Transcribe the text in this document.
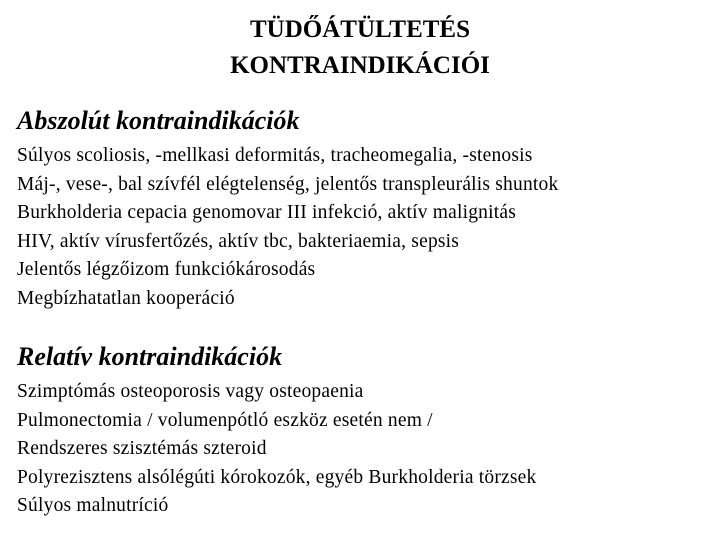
TÜDŐÁTÜLTETÉS
KONTRAINDIKÁCIÓI
Abszolút kontraindikációk
Súlyos scoliosis, -mellkasi deformitás, tracheomegalia, -stenosis
Máj-, vese-, bal szívfél elégtelenség, jelentős transpleurális shuntok
Burkholderia cepacia genomovar III infekció, aktív malignitás
HIV, aktív vírusfertőzés, aktív tbc, bakteriaemia, sepsis
Jelentős légzőizom funkciókárosodás
Megbízhatatlan kooperáció
Relatív kontraindikációk
Szimptómás osteoporosis vagy osteopaenia
Pulmonectomia / volumenpótló eszköz esetén nem /
Rendszeres szisztémás szteroid
Polyrezisztens alsólégúti kórokozók, egyéb Burkholderia törzsek
Súlyos malnutríció
